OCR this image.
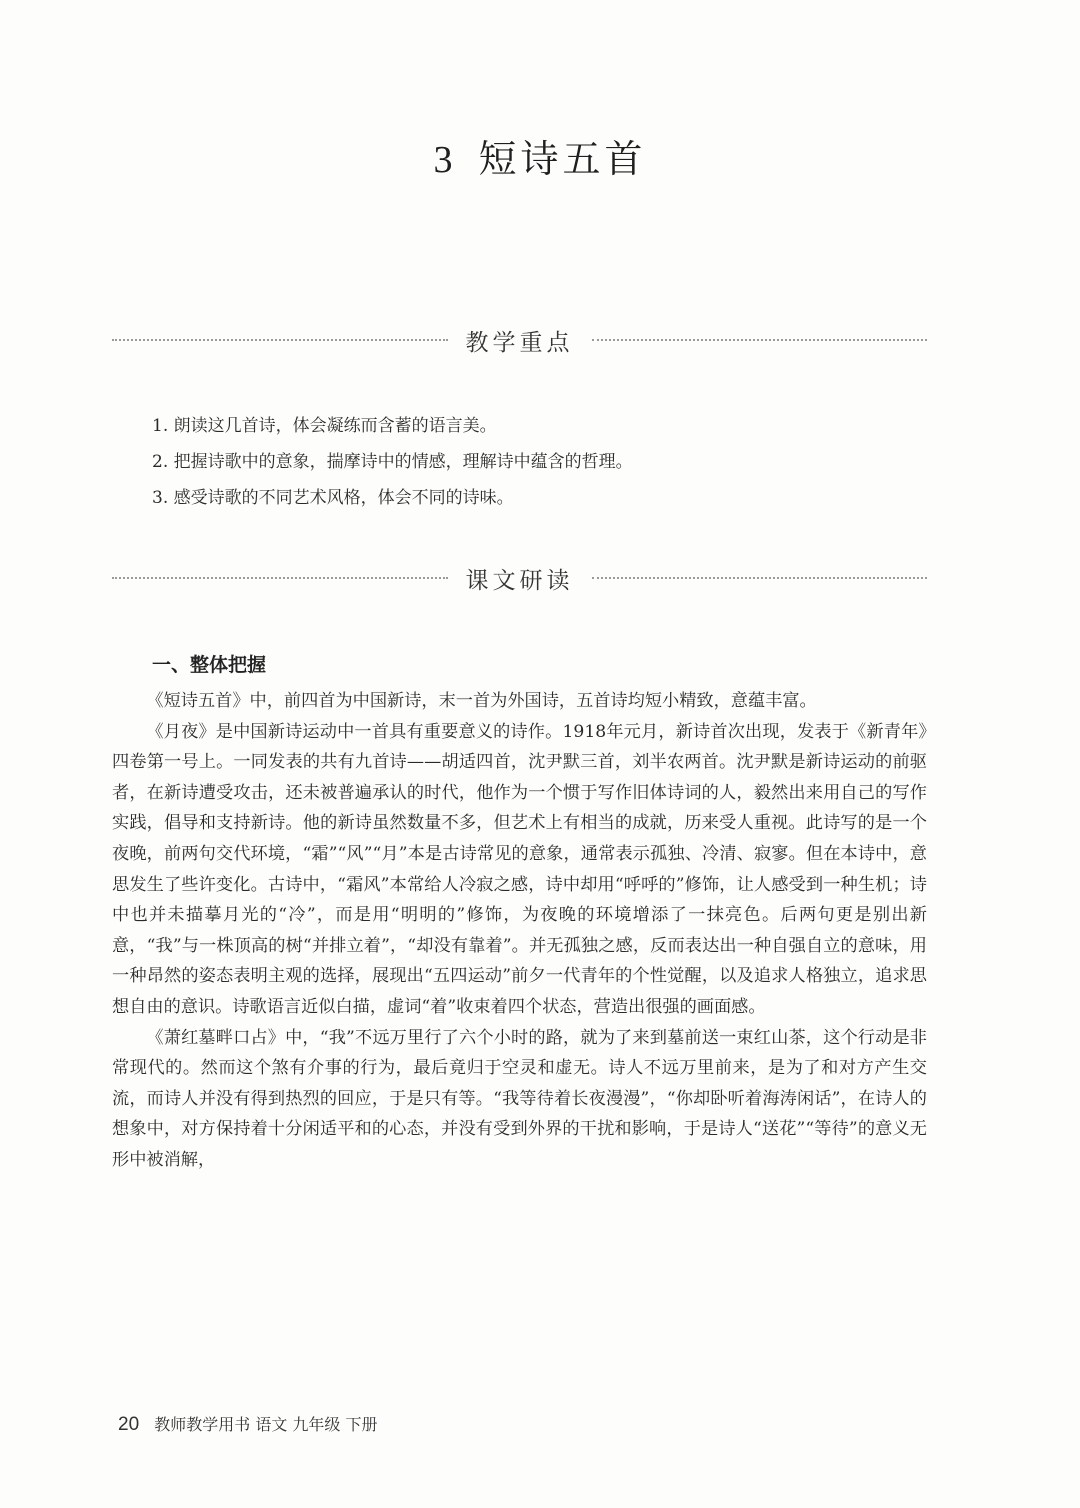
3 短诗五首
教学重点
1. 朗读这几首诗，体会凝练而含蓄的语言美。
2. 把握诗歌中的意象，揣摩诗中的情感，理解诗中蕴含的哲理。
3. 感受诗歌的不同艺术风格，体会不同的诗味。
课文研读
一、整体把握

《短诗五首》中，前四首为中国新诗，末一首为外国诗，五首诗均短小精致，意蕴丰富。

《月夜》是中国新诗运动中一首具有重要意义的诗作。1918年元月，新诗首次出现，发表于《新青年》四卷第一号上。一同发表的共有九首诗——胡适四首，沈尹默三首，刘半农两首。沈尹默是新诗运动的前驱者，在新诗遭受攻击，还未被普遍承认的时代，他作为一个惯于写作旧体诗词的人，毅然出来用自己的写作实践，倡导和支持新诗。他的新诗虽然数量不多，但艺术上有相当的成就，历来受人重视。此诗写的是一个夜晚，前两句交代环境，“霜”“风”“月”本是古诗常见的意象，通常表示孤独、冷清、寂寥。但在本诗中，意思发生了些许变化。古诗中，“霜风”本常给人冷寂之感，诗中却用“呼呼的”修饰，让人感受到一种生机；诗中也并未描摹月光的“冷”，而是用“明明的”修饰，为夜晚的环境增添了一抹亮色。后两句更是别出新意，“我”与一株顶高的树“并排立着”，“却没有靠着”。并无孤独之感，反而表达出一种自强自立的意味，用一种昂然的姿态表明主观的选择，展现出“五四运动”前夕一代青年的个性觉醒，以及追求人格独立，追求思想自由的意识。诗歌语言近似白描，虚词“着”收束着四个状态，营造出很强的画面感。

《萧红墓畔口占》中，“我”不远万里行了六个小时的路，就为了来到墓前送一束红山茶，这个行动是非常现代的。然而这个煞有介事的行为，最后竟归于空灵和虚无。诗人不远万里前来，是为了和对方产生交流，而诗人并没有得到热烈的回应，于是只有等。“我等待着长夜漫漫”，“你却卧听着海涛闲话”，在诗人的想象中，对方保持着十分闲适平和的心态，并没有受到外界的干扰和影响，于是诗人“送花”“等待”的意义无形中被消解，

20 教师教学用书 语文 九年级 下册
